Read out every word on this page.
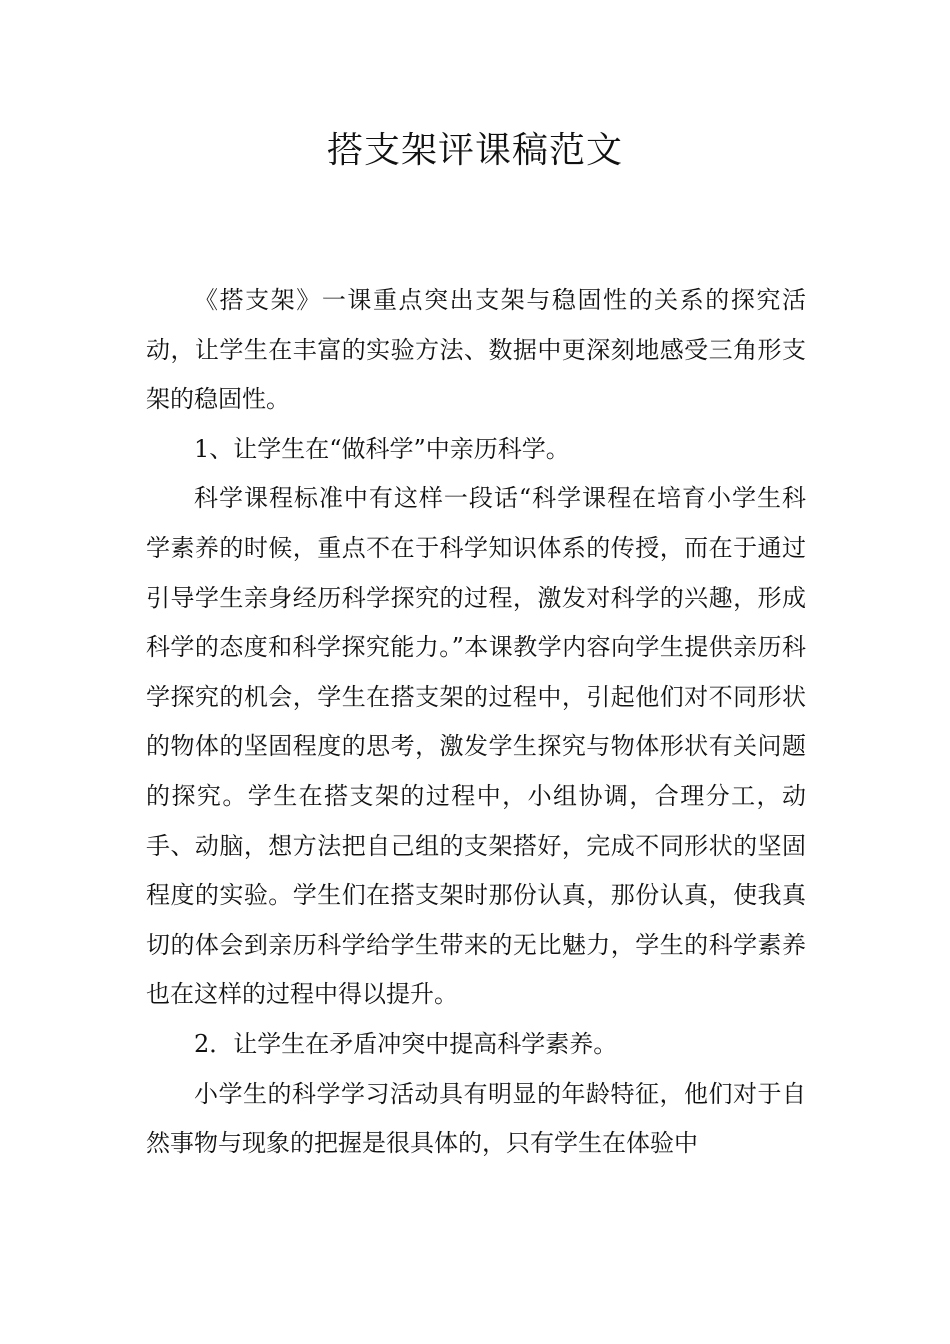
搭支架评课稿范文

《搭支架》一课重点突出支架与稳固性的关系的探究活动，让学生在丰富的实验方法、数据中更深刻地感受三角形支架的稳固性。

1、让学生在“做科学”中亲历科学。

科学课程标准中有这样一段话“科学课程在培育小学生科学素养的时候，重点不在于科学知识体系的传授，而在于通过引导学生亲身经历科学探究的过程，激发对科学的兴趣，形成科学的态度和科学探究能力。”本课教学内容向学生提供亲历科学探究的机会，学生在搭支架的过程中，引起他们对不同形状的物体的坚固程度的思考，激发学生探究与物体形状有关问题的探究。学生在搭支架的过程中，小组协调，合理分工，动手、动脑，想方法把自己组的支架搭好，完成不同形状的坚固程度的实验。学生们在搭支架时那份认真，那份认真，使我真切的体会到亲历科学给学生带来的无比魅力，学生的科学素养也在这样的过程中得以提升。

2．让学生在矛盾冲突中提高科学素养。

小学生的科学学习活动具有明显的年龄特征，他们对于自然事物与现象的把握是很具体的，只有学生在体验中
